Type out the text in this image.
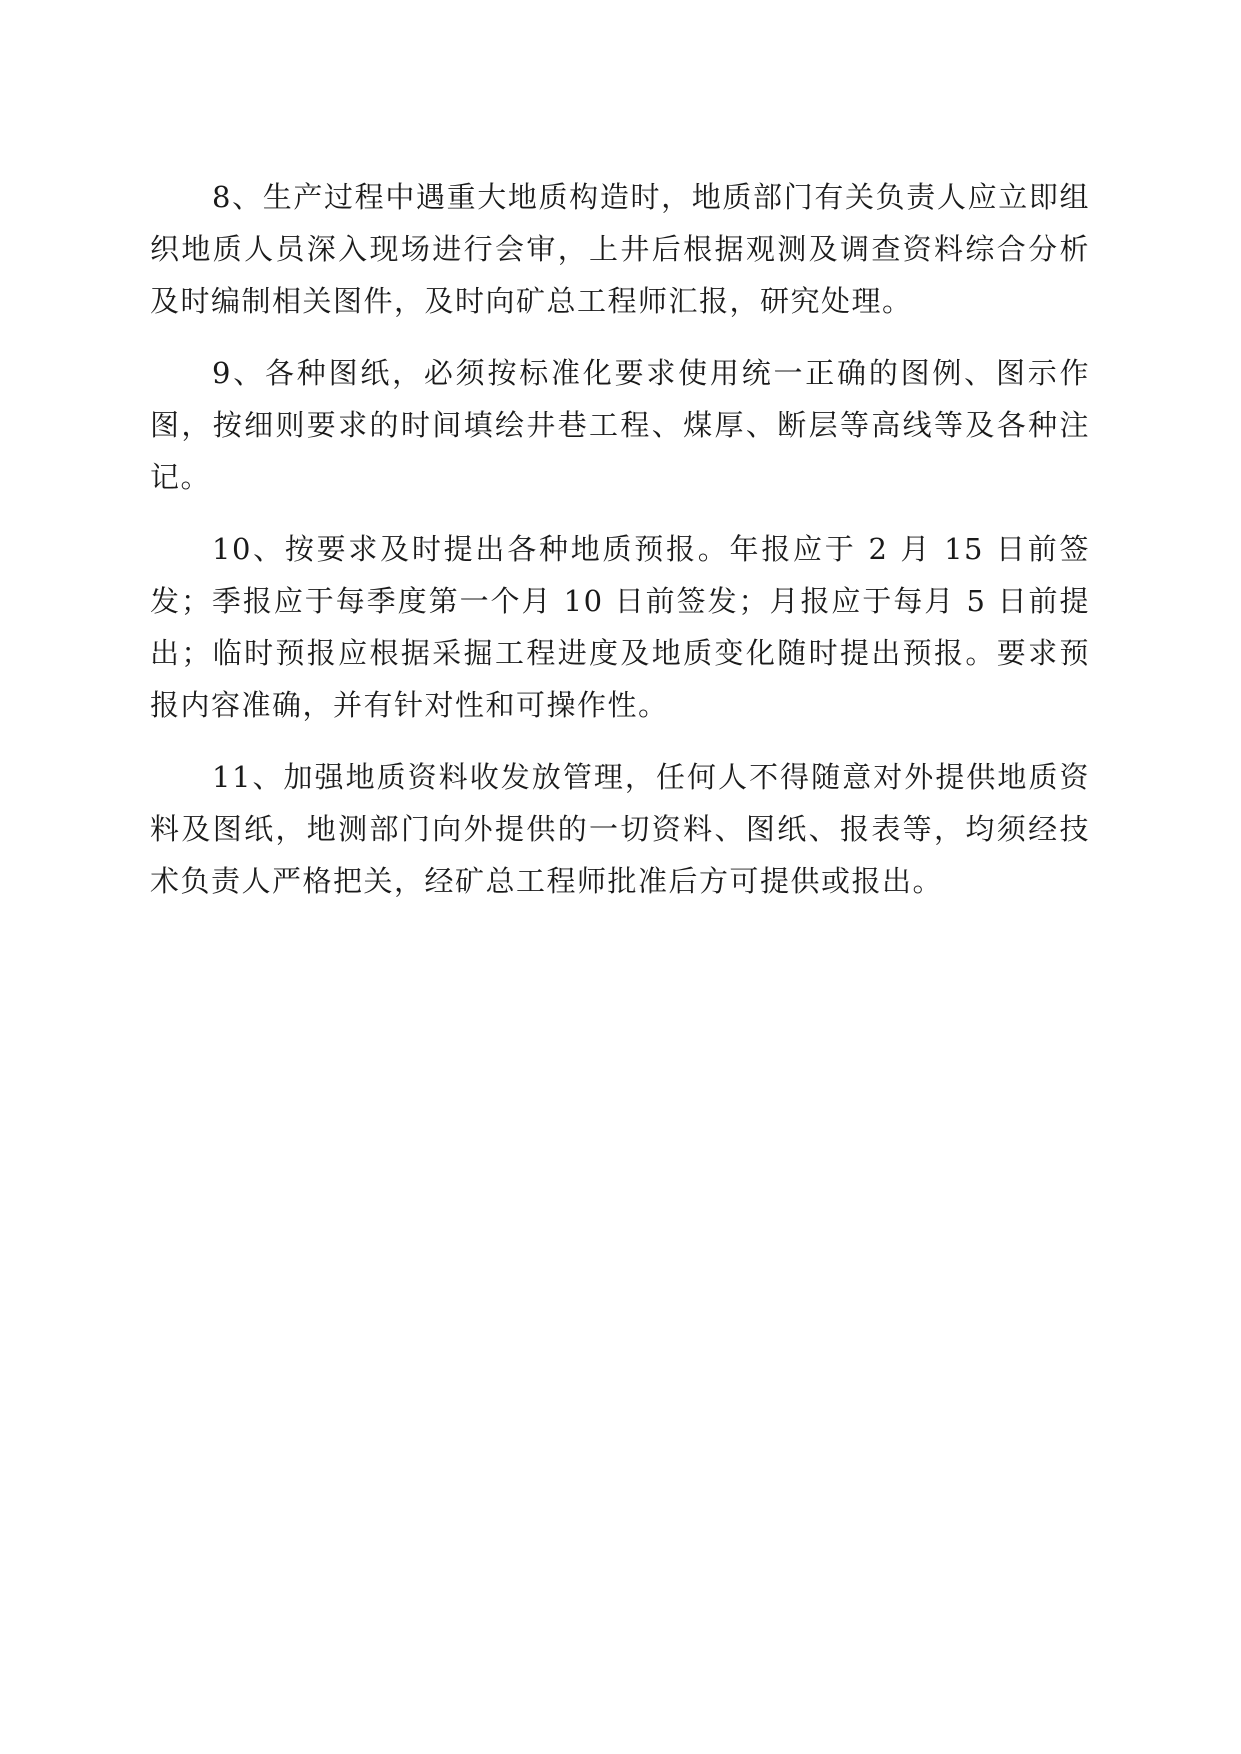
8、生产过程中遇重大地质构造时，地质部门有关负责人应立即组织地质人员深入现场进行会审，上井后根据观测及调查资料综合分析及时编制相关图件，及时向矿总工程师汇报，研究处理。

9、各种图纸，必须按标准化要求使用统一正确的图例、图示作图，按细则要求的时间填绘井巷工程、煤厚、断层等高线等及各种注记。

10、按要求及时提出各种地质预报。年报应于 2 月 15 日前签发；季报应于每季度第一个月 10 日前签发；月报应于每月 5 日前提出；临时预报应根据采掘工程进度及地质变化随时提出预报。要求预报内容准确，并有针对性和可操作性。

11、加强地质资料收发放管理，任何人不得随意对外提供地质资料及图纸，地测部门向外提供的一切资料、图纸、报表等，均须经技术负责人严格把关，经矿总工程师批准后方可提供或报出。
